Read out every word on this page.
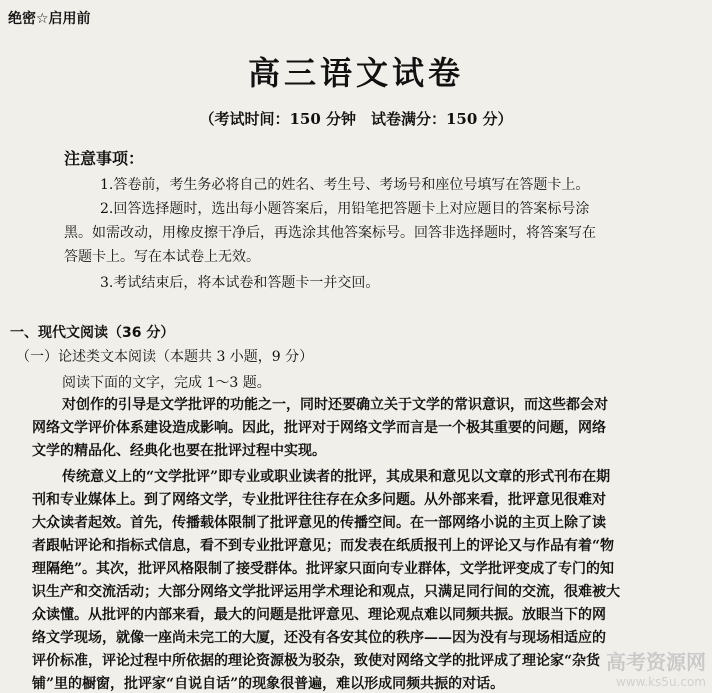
绝密☆启用前
高三语文试卷
（考试时间：150 分钟　试卷满分：150 分）
注意事项：
1.答卷前，考生务必将自己的姓名、考生号、考场号和座位号填写在答题卡上。
2.回答选择题时，选出每小题答案后，用铅笔把答题卡上对应题目的答案标号涂
黑。如需改动，用橡皮擦干净后，再选涂其他答案标号。回答非选择题时，将答案写在
答题卡上。写在本试卷上无效。
3.考试结束后，将本试卷和答题卡一并交回。
一、现代文阅读（36 分）
（一）论述类文本阅读（本题共 3 小题，9 分）
阅读下面的文字，完成 1～3 题。
对创作的引导是文学批评的功能之一，同时还要确立关于文学的常识意识，而这些都会对
网络文学评价体系建设造成影响。因此，批评对于网络文学而言是一个极其重要的问题，网络
文学的精品化、经典化也要在批评过程中实现。
传统意义上的“文学批评”即专业或职业读者的批评，其成果和意见以文章的形式刊布在期
刊和专业媒体上。到了网络文学，专业批评往往存在众多问题。从外部来看，批评意见很难对
大众读者起效。首先，传播载体限制了批评意见的传播空间。在一部网络小说的主页上除了读
者跟帖评论和指标式信息，看不到专业批评意见；而发表在纸质报刊上的评论又与作品有着“物
理隔绝”。其次，批评风格限制了接受群体。批评家只面向专业群体，文学批评变成了专门的知
识生产和交流活动；大部分网络文学批评运用学术理论和观点，只满足同行间的交流，很难被大
众读懂。从批评的内部来看，最大的问题是批评意见、理论观点难以同频共振。放眼当下的网
络文学现场，就像一座尚未完工的大厦，还没有各安其位的秩序——因为没有与现场相适应的
评价标准，评论过程中所依据的理论资源极为驳杂，致使对网络文学的批评成了理论家“杂货
铺”里的橱窗，批评家“自说自话”的现象很普遍，难以形成同频共振的对话。
高考资源网
www.ks5u.com
